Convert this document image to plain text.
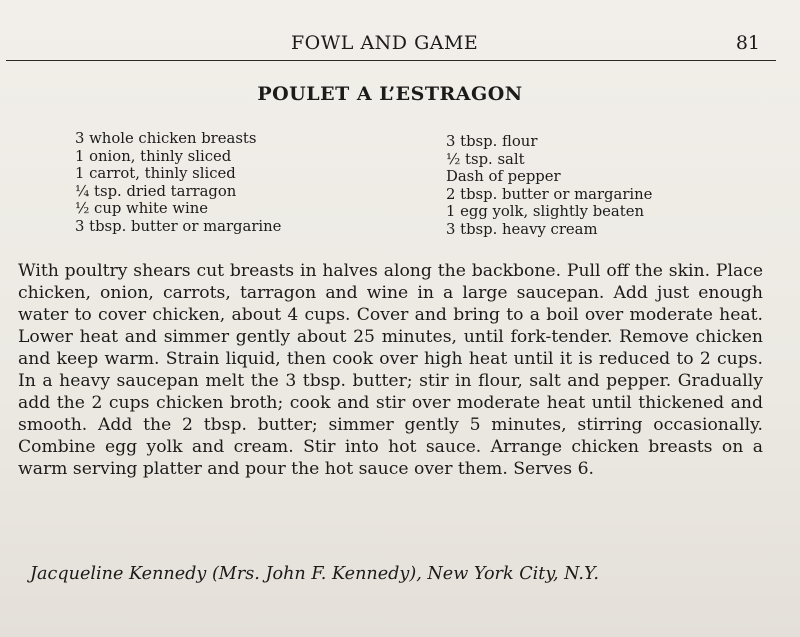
FOWL AND GAME	81
POULET A L’ESTRAGON
3 whole chicken breasts
1 onion, thinly sliced
1 carrot, thinly sliced
¼ tsp. dried tarragon
½ cup white wine
3 tbsp. butter or margarine
3 tbsp. flour
½ tsp. salt
Dash of pepper
2 tbsp. butter or margarine
1 egg yolk, slightly beaten
3 tbsp. heavy cream

With poultry shears cut breasts in halves along the backbone. Pull off the skin. Place chicken, onion, carrots, tarragon and wine in a large saucepan. Add just enough water to cover chicken, about 4 cups. Cover and bring to a boil over moderate heat. Lower heat and simmer gently about 25 minutes, until fork-tender. Remove chicken and keep warm. Strain liquid, then cook over high heat until it is reduced to 2 cups. In a heavy saucepan melt the 3 tbsp. butter; stir in flour, salt and pepper. Gradually add the 2 cups chicken broth; cook and stir over moderate heat until thickened and smooth. Add the 2 tbsp. butter; simmer gently 5 minutes, stirring occasionally. Combine egg yolk and cream. Stir into hot sauce. Arrange chicken breasts on a warm serving platter and pour the hot sauce over them. Serves 6.

Jacqueline Kennedy (Mrs. John F. Kennedy), New York City, N.Y.
